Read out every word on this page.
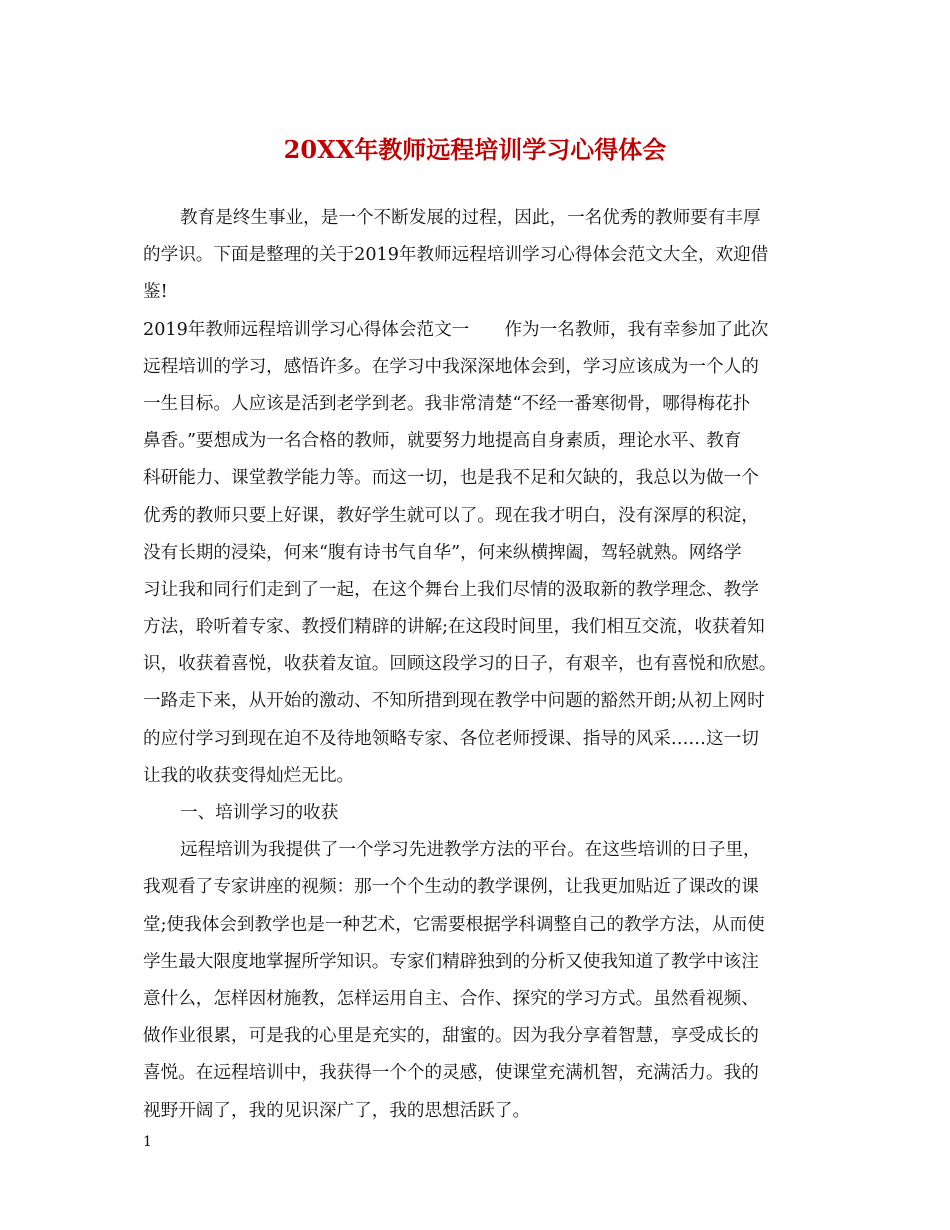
20XX年教师远程培训学习心得体会
教育是终生事业，是一个不断发展的过程，因此，一名优秀的教师要有丰厚
的学识。下面是整理的关于2019年教师远程培训学习心得体会范文大全，欢迎借
鉴!
2019年教师远程培训学习心得体会范文一　　作为一名教师，我有幸参加了此次
远程培训的学习，感悟许多。在学习中我深深地体会到，学习应该成为一个人的
一生目标。人应该是活到老学到老。我非常清楚“不经一番寒彻骨，哪得梅花扑
鼻香。”要想成为一名合格的教师，就要努力地提高自身素质，理论水平、教育
科研能力、课堂教学能力等。而这一切，也是我不足和欠缺的，我总以为做一个
优秀的教师只要上好课，教好学生就可以了。现在我才明白，没有深厚的积淀，
没有长期的浸染，何来“腹有诗书气自华”，何来纵横捭阖，驾轻就熟。网络学
习让我和同行们走到了一起，在这个舞台上我们尽情的汲取新的教学理念、教学
方法，聆听着专家、教授们精辟的讲解;在这段时间里，我们相互交流，收获着知
识，收获着喜悦，收获着友谊。回顾这段学习的日子，有艰辛，也有喜悦和欣慰。
一路走下来，从开始的激动、不知所措到现在教学中问题的豁然开朗;从初上网时
的应付学习到现在迫不及待地领略专家、各位老师授课、指导的风采……这一切
让我的收获变得灿烂无比。
一、培训学习的收获
远程培训为我提供了一个学习先进教学方法的平台。在这些培训的日子里，
我观看了专家讲座的视频：那一个个生动的教学课例，让我更加贴近了课改的课
堂;使我体会到教学也是一种艺术，它需要根据学科调整自己的教学方法，从而使
学生最大限度地掌握所学知识。专家们精辟独到的分析又使我知道了教学中该注
意什么，怎样因材施教，怎样运用自主、合作、探究的学习方式。虽然看视频、
做作业很累，可是我的心里是充实的，甜蜜的。因为我分享着智慧，享受成长的
喜悦。在远程培训中，我获得一个个的灵感，使课堂充满机智，充满活力。我的
视野开阔了，我的见识深广了，我的思想活跃了。
1
